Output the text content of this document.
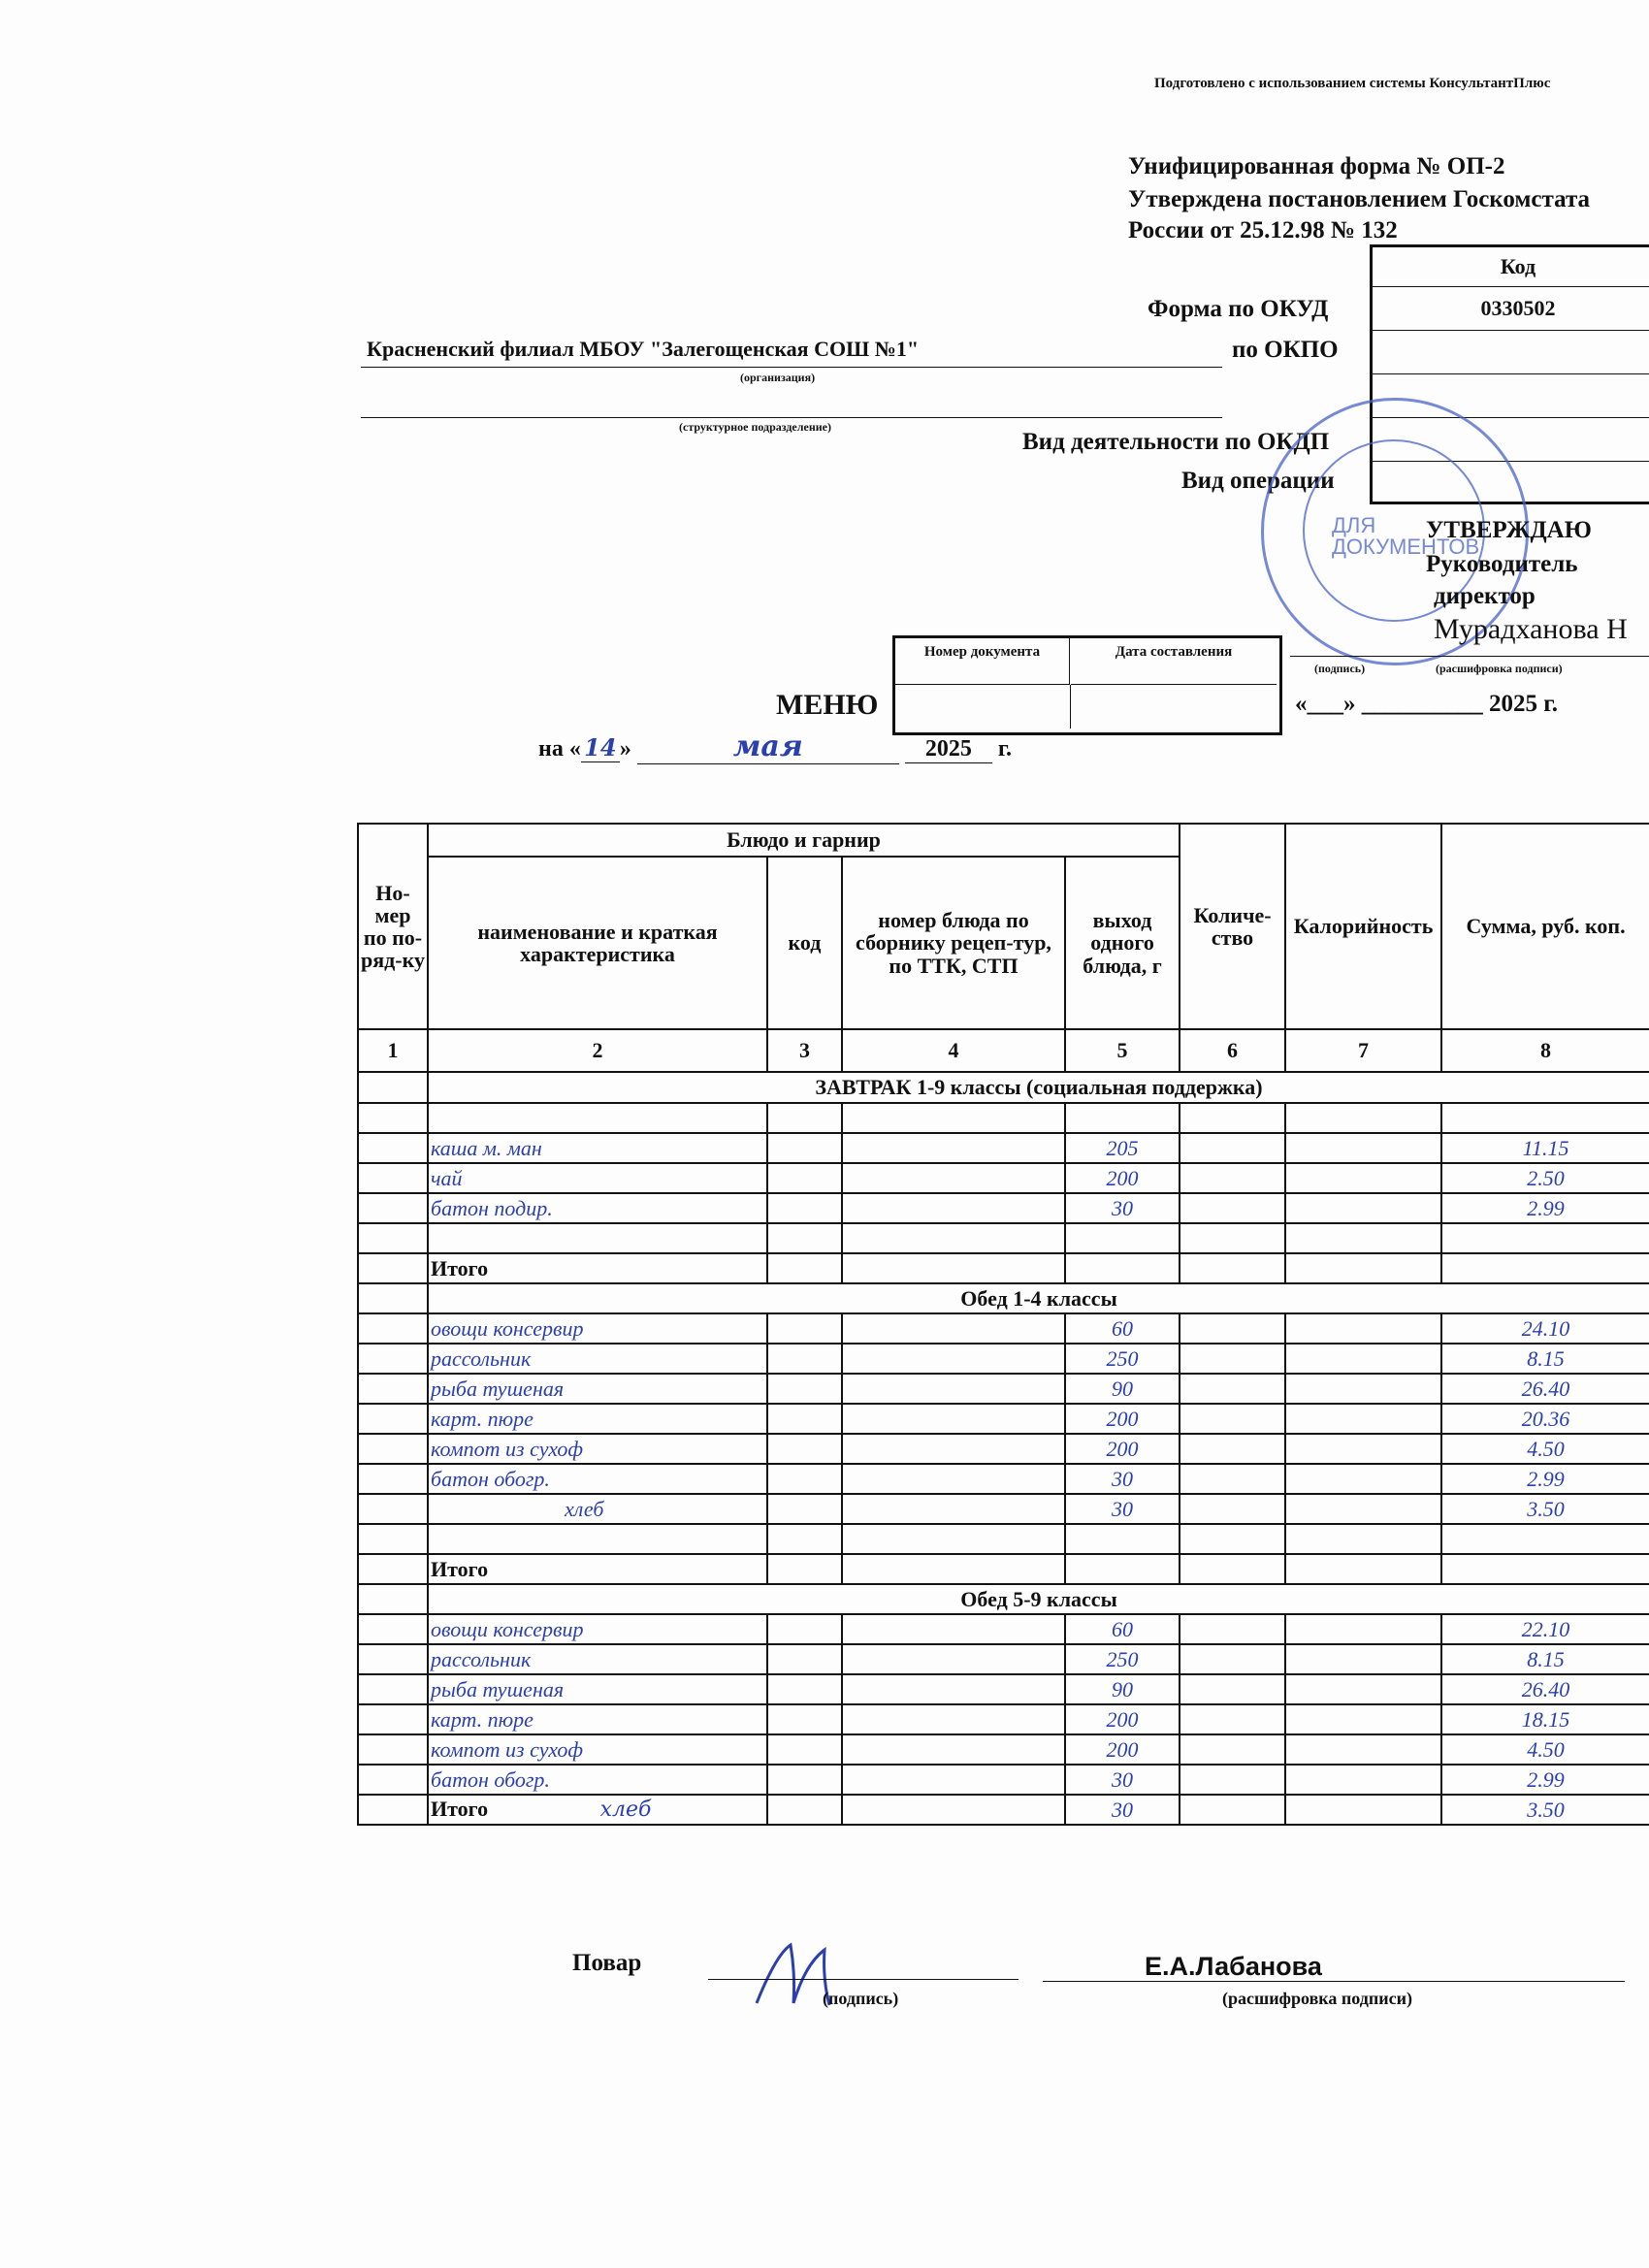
Подготовлено с использованием системы КонсультантПлюс
Унифицированная форма № ОП-2
Утверждена постановлением Госкомстата
России от 25.12.98 № 132
Код
0330502
Форма по ОКУД
по ОКПО
Красненский филиал МБОУ "Залегощенская СОШ №1"
(организация)
(структурное подразделение)
Вид деятельности по ОКДП
Вид операции
ДЛЯ
ДОКУМЕНТОВ
УТВЕРЖДАЮ
Руководитель
директор
Мурадханова Н
(подпись)	(расшифровка подписи)
«___» __________ 2025 г.
Номер документа	Дата составления
МЕНЮ
на « 14 »	мая	2025 г.
Но-мер по по-ряд-ку	Блюдо и гарнир				Количе-ство	Калорийность	Сумма, руб. коп.
	наименование и краткая характеристика	код	номер блюда по сборнику рецеп-тур, по ТТК, СТП	выход одного блюда, г			
1	2	3	4	5	6	7	8
	ЗАВТРАК 1-9 классы (социальная поддержка)						

	каша м. ман			205			11.15
	чай			200			2.50
	батон подир.			30			2.99

	Итого						
	Обед 1-4 классы						
	овощи консервир			60			24.10
	рассольник			250			8.15
	рыба тушеная			90			26.40
	карт. пюре			200			20.36
	компот из сухоф			200			4.50
	батон обогр.			30			2.99
	хлеб			30			3.50

	Итого						
	Обед 5-9 классы						
	овощи консервир			60			22.10
	рассольник			250			8.15
	рыба тушеная			90			26.40
	карт. пюре			200			18.15
	компот из сухоф			200			4.50
	батон обогр.			30			2.99
	Итого хлеб			30			3.50
Повар	Е.А.Лабанова
(подпись)	(расшифровка подписи)
